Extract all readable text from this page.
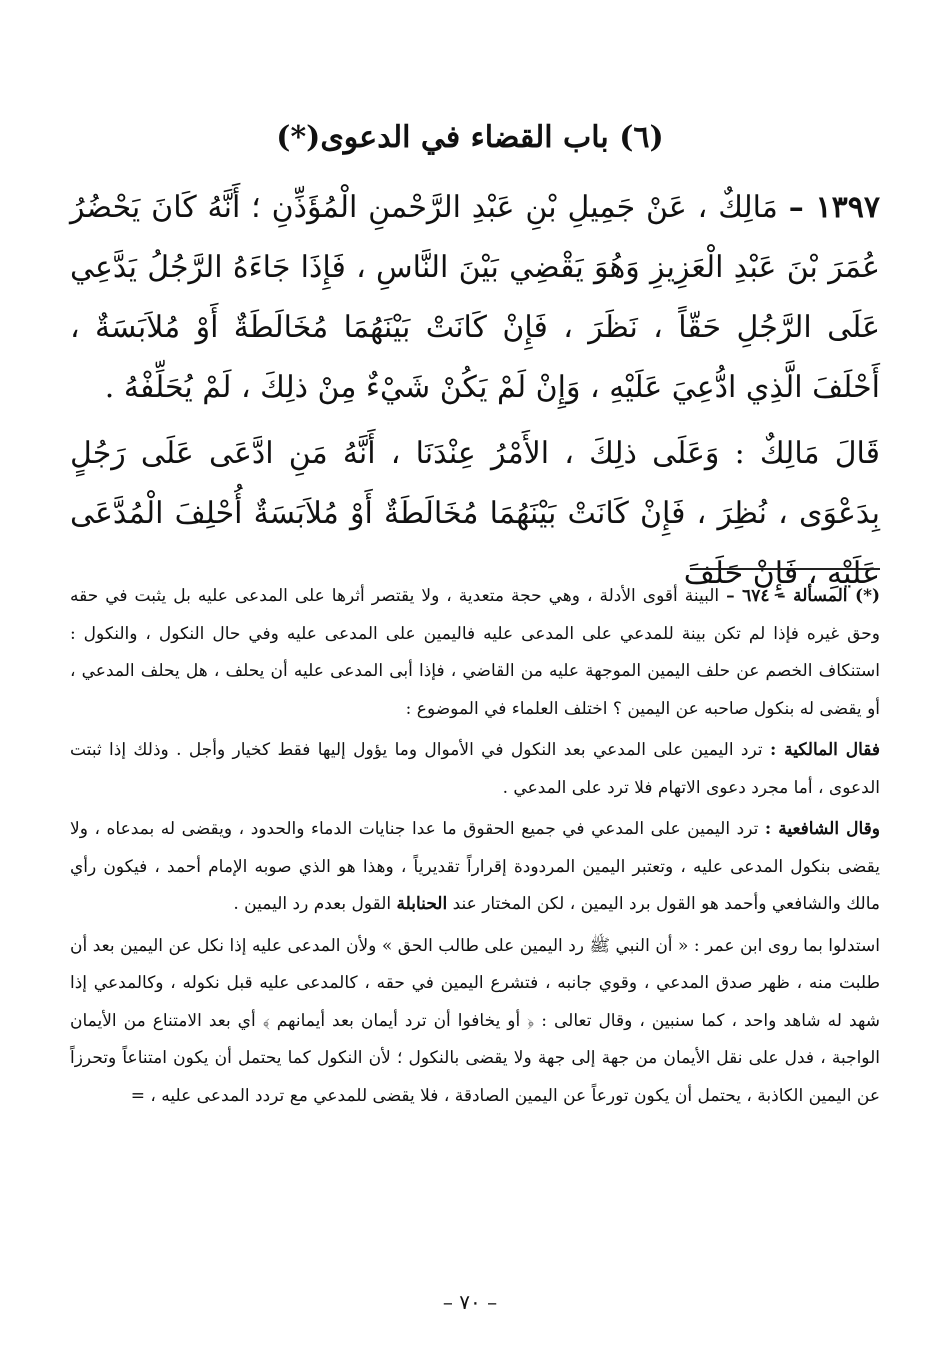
(٦) باب القضاء في الدعوى(*)

١٣٩٧ – مَالِكٌ ، عَنْ جَمِيلِ بْنِ عَبْدِ الرَّحْمنِ الْمُؤَذِّنِ ؛ أَنَّهُ كَانَ يَحْضُرُ عُمَرَ بْنَ عَبْدِ الْعَزِيزِ وَهُوَ يَقْضِي بَيْنَ النَّاسِ ، فَإِذَا جَاءَهُ الرَّجُلُ يَدَّعِي عَلَى الرَّجُلِ حَقّاً ، نَظَرَ ، فَإِنْ كَانَتْ بَيْنَهُمَا مُخَالَطَةٌ أَوْ مُلاَبَسَةٌ ، أَحْلَفَ الَّذِي ادُّعِيَ عَلَيْهِ ، وَإِنْ لَمْ يَكُنْ شَيْءٌ مِنْ ذلِكَ ، لَمْ يُحَلِّفْهُ .

قَالَ مَالِكٌ : وَعَلَى ذلِكَ ، الأَمْرُ عِنْدَنَا ، أَنَّهُ مَنِ ادَّعَى عَلَى رَجُلٍ بِدَعْوَى ، نُظِرَ ، فَإِنْ كَانَتْ بَيْنَهُمَا مُخَالَطَةٌ أَوْ مُلاَبَسَةٌ أُحْلِفَ الْمُدَّعَى عَلَيْهِ ، فَإِنْ حَلَفَ

(*) المسألة – ٦٧٤ – البينة أقوى الأدلة ، وهي حجة متعدية ، ولا يقتصر أثرها على المدعى عليه بل يثبت في حقه وحق غيره فإذا لم تكن بينة للمدعي على المدعى عليه فاليمين على المدعى عليه وفي حال النكول ، والنكول : استنكاف الخصم عن حلف اليمين الموجهة عليه من القاضي ، فإذا أبى المدعى عليه أن يحلف ، هل يحلف المدعي ، أو يقضى له بنكول صاحبه عن اليمين ؟ اختلف العلماء في الموضوع :

فقال المالكية : ترد اليمين على المدعي بعد النكول في الأموال وما يؤول إليها فقط كخيار وأجل . وذلك إذا ثبتت الدعوى ، أما مجرد دعوى الاتهام فلا ترد على المدعي .

وقال الشافعية : ترد اليمين على المدعي في جميع الحقوق ما عدا جنايات الدماء والحدود ، ويقضى له بمدعاه ، ولا يقضى بنكول المدعى عليه ، وتعتبر اليمين المردودة إقراراً تقديرياً ، وهذا هو الذي صوبه الإمام أحمد ، فيكون رأي مالك والشافعي وأحمد هو القول برد اليمين ، لكن المختار عند الحنابلة القول بعدم رد اليمين .

استدلوا بما روى ابن عمر : « أن النبي ﷺ رد اليمين على طالب الحق » ولأن المدعى عليه إذا نكل عن اليمين بعد أن طلبت منه ، ظهر صدق المدعي ، وقوي جانبه ، فتشرع اليمين في حقه ، كالمدعى عليه قبل نكوله ، وكالمدعي إذا شهد له شاهد واحد ، كما سنبين ، وقال تعالى : ﴿ أو يخافوا أن ترد أيمان بعد أيمانهم ﴾ أي بعد الامتناع من الأيمان الواجبة ، فدل على نقل الأيمان من جهة إلى جهة ولا يقضى بالنكول ؛ لأن النكول كما يحتمل أن يكون امتناعاً وتحرزاً عن اليمين الكاذبة ، يحتمل أن يكون تورعاً عن اليمين الصادقة ، فلا يقضى للمدعي مع تردد المدعى عليه ، =

– ٧٠ –
